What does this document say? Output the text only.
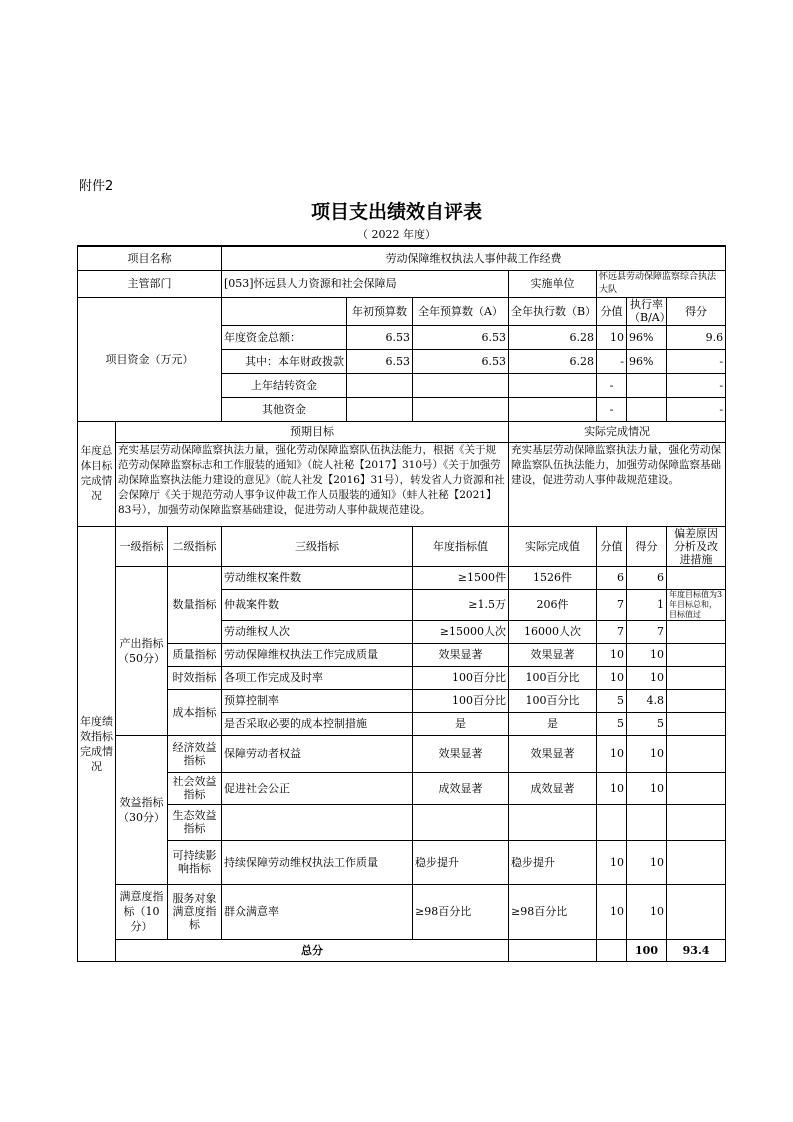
附件2
项目支出绩效自评表
（ 2022 年度）
项目名称			劳动保障维权执法人事仲裁工作经费							
主管部门			[053]怀远县人力资源和社会保障局			实施单位	怀远县劳动保障监察综合执法大队			
项目资金（万元）				年初预算数	全年预算数（A）	全年执行数（B）	分值	执行率（B/A）	得分	
			年度资金总额：	6.53	6.53	6.28	10	96%	9.6	
			其中：本年财政拨款	6.53	6.53	6.28	-	96%	-	
			上年结转资金				-		-	
			其他资金				-		-	
年度总体目标完成情况	预期目标					实际完成情况				

	充实基层劳动保障监察执法力量，强化劳动保障监察队伍执法能力，根据《关于规范劳动保障监察标志和工作服装的通知》（皖人社秘【2017】310号）《关于加强劳动保障监察执法能力建设的意见》（皖人社发【2016】31号），转发省人力资源和社会保障厅《关于规范劳动人事争议仲裁工作人员服装的通知》（蚌人社秘【2021】83号），加强劳动保障监察基础建设，促进劳动人事仲裁规范建设。					充实基层劳动保障监察执法力量，强化劳动保障监察队伍执法能力，加强劳动保障监察基础建设，促进劳动人事仲裁规范建设。				

年度绩效指标完成情况	一级指标	二级指标	三级指标		年度指标值	实际完成值	分值	得分	偏差原因分析及改进措施	
	产出指标（50分）	数量指标	劳动维权案件数		≥1500件	1526件	6	6		
			仲裁案件数		≥1.5万	206件	7	1	年度目标值为3年目标总和，目标值过	
			劳动维权人次		≥15000人次	16000人次	7	7		
		质量指标	劳动保障维权执法工作完成质量		效果显著	效果显著	10	10		
		时效指标	各项工作完成及时率		100百分比	100百分比	10	10		
		成本指标	预算控制率		100百分比	100百分比	5	4.8		
			是否采取必要的成本控制措施		是	是	5	5		
	效益指标（30分）	经济效益指标	保障劳动者权益		效果显著	效果显著	10	10		
		社会效益指标	促进社会公正		成效显著	成效显著	10	10		
		生态效益指标								
		可持续影响指标	持续保障劳动维权执法工作质量		稳步提升	稳步提升	10	10		
	满意度指标（10分）	服务对象满意度指标	群众满意率		≥98百分比	≥98百分比	10	10		
	总分							100	93.4	
